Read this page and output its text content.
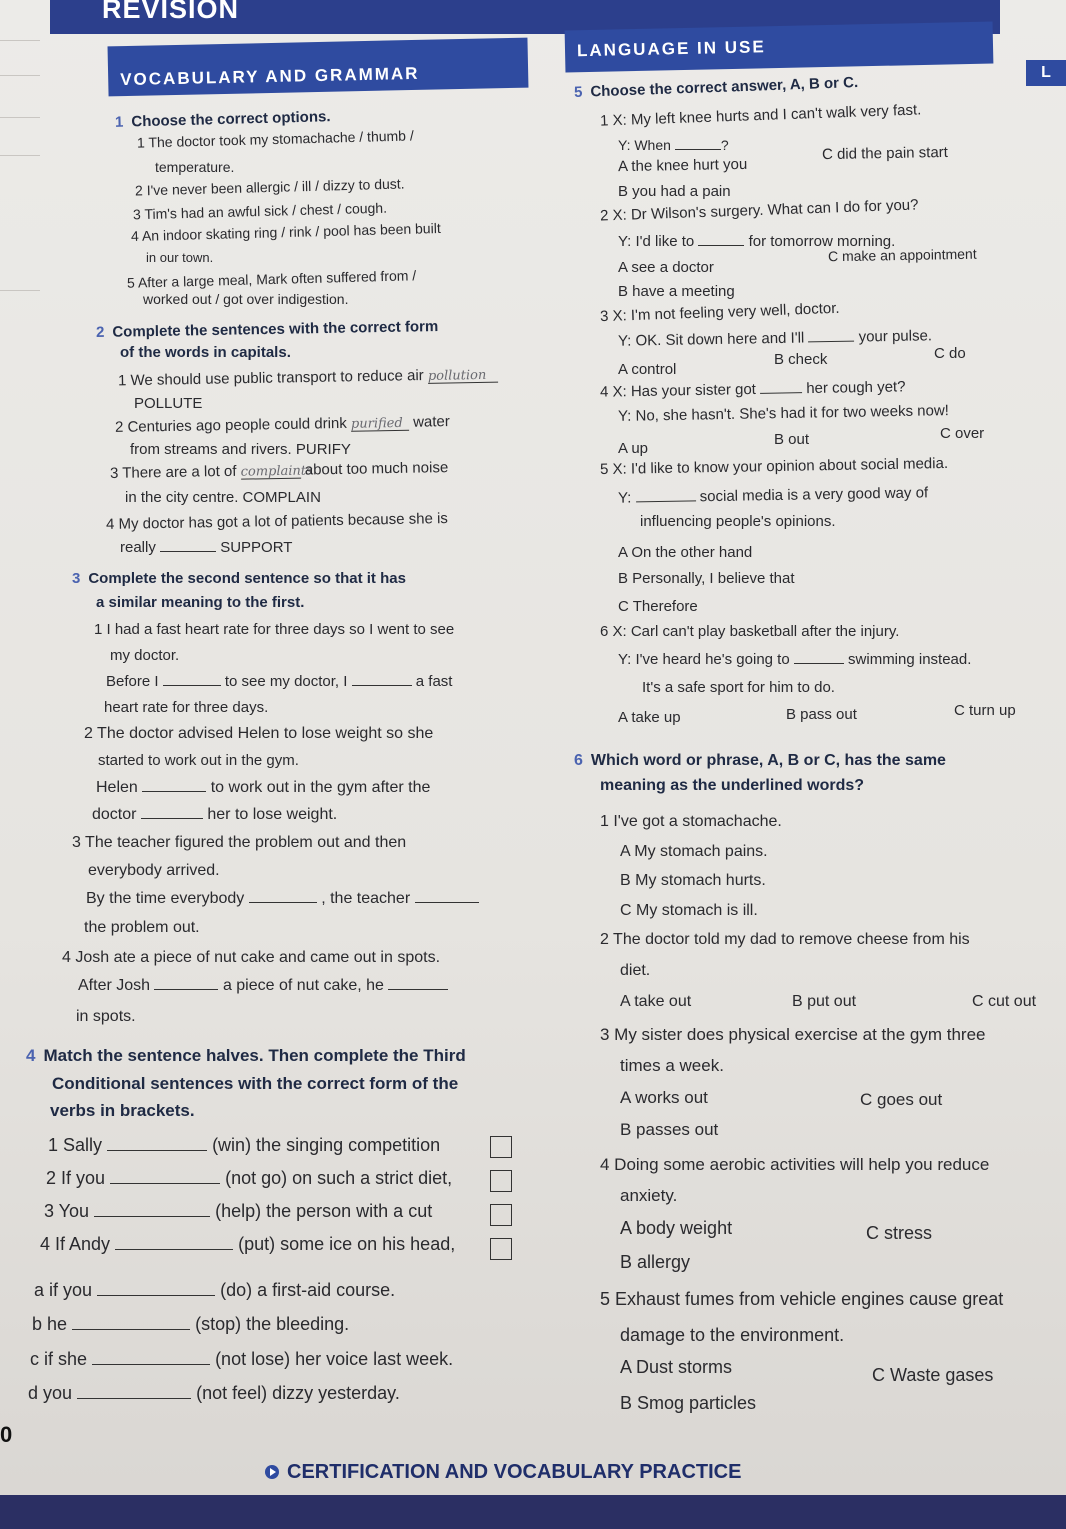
REVISION
L
VOCABULARY AND GRAMMAR
LANGUAGE IN USE
1 Choose the correct options.
1 The doctor took my stomachache / thumb /
temperature.
2 I've never been allergic / ill / dizzy to dust.
3 Tim's had an awful sick / chest / cough.
4 An indoor skating ring / rink / pool has been built
in our town.
5 After a large meal, Mark often suffered from /
worked out / got over indigestion.
2 Complete the sentences with the correct form
of the words in capitals.
1 We should use public transport to reduce air pollution
POLLUTE
2 Centuries ago people could drink purified water
from streams and rivers. PURIFY
3 There are a lot of complaints about too much noise
in the city centre. COMPLAIN
4 My doctor has got a lot of patients because she is
really	SUPPORT
3 Complete the second sentence so that it has
a similar meaning to the first.
1 I had a fast heart rate for three days so I went to see
my doctor.
Before I	to see my doctor, I	a fast
heart rate for three days.
2 The doctor advised Helen to lose weight so she
started to work out in the gym.
Helen	to work out in the gym after the
doctor	her to lose weight.
3 The teacher figured the problem out and then
everybody arrived.
By the time everybody	, the teacher
the problem out.
4 Josh ate a piece of nut cake and came out in spots.
After Josh	a piece of nut cake, he
in spots.
4 Match the sentence halves. Then complete the Third
Conditional sentences with the correct form of the
verbs in brackets.
1 Sally	(win) the singing competition
2 If you	(not go) on such a strict diet,
3 You	(help) the person with a cut
4 If Andy	(put) some ice on his head,
a if you	(do) a first-aid course.
b he	(stop) the bleeding.
c if she	(not lose) her voice last week.
d you	(not feel) dizzy yesterday.
5 Choose the correct answer, A, B or C.
1 X: My left knee hurts and I can't walk very fast.
Y: When	?
A the knee hurt you
C did the pain start
B you had a pain
2 X: Dr Wilson's surgery. What can I do for you?
Y: I'd like to	for tomorrow morning.
A see a doctor
C make an appointment
B have a meeting
3 X: I'm not feeling very well, doctor.
Y: OK. Sit down here and I'll	your pulse.
A control
B check	C do
4 X: Has your sister got	her cough yet?
Y: No, she hasn't. She's had it for two weeks now!
A up
B out	C over
5 X: I'd like to know your opinion about social media.
Y:	social media is a very good way of
influencing people's opinions.
A On the other hand
B Personally, I believe that
C Therefore
6 X: Carl can't play basketball after the injury.
Y: I've heard he's going to	swimming instead.
It's a safe sport for him to do.
A take up	B pass out	C turn up
6 Which word or phrase, A, B or C, has the same
meaning as the underlined words?
1 I've got a stomachache.
A My stomach pains.
B My stomach hurts.
C My stomach is ill.
2 The doctor told my dad to remove cheese from his
diet.
A take out	B put out	C cut out
3 My sister does physical exercise at the gym three
times a week.
A works out	C goes out
B passes out
4 Doing some aerobic activities will help you reduce
anxiety.
A body weight	C stress
B allergy
5 Exhaust fumes from vehicle engines cause great
damage to the environment.
A Dust storms	C Waste gases
B Smog particles
0
CERTIFICATION AND VOCABULARY PRACTICE
